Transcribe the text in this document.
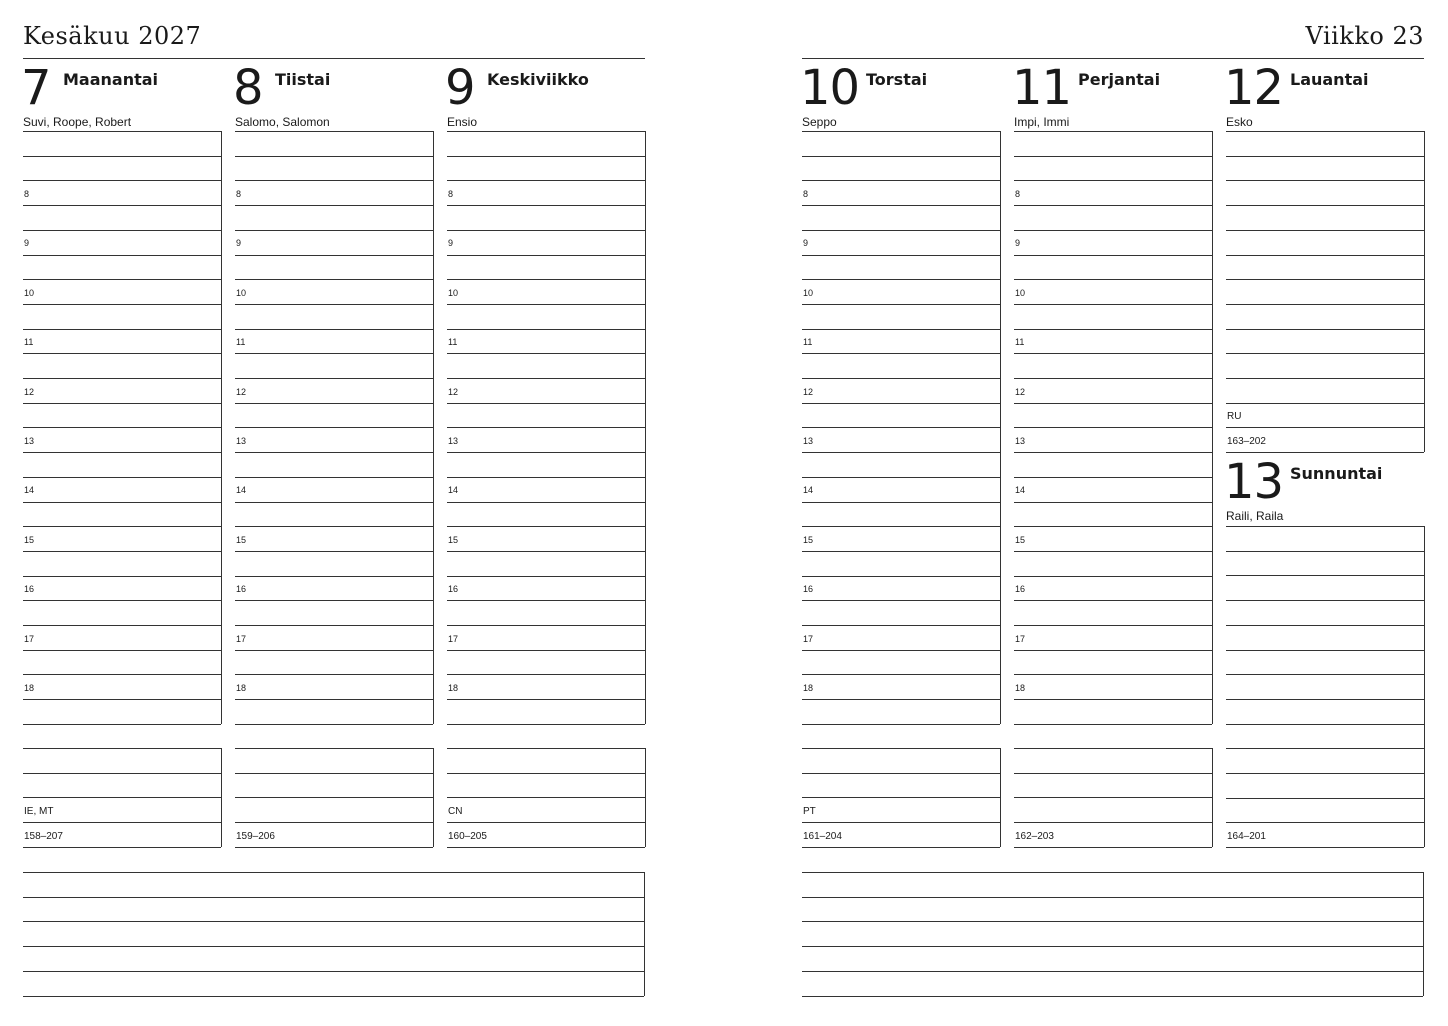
Kesäkuu 2027	Viikko 23
7 Maanantai
Suvi, Roope, Robert
8
9
10
11
12
13
14
15
16
17
18
IE, MT
158–207
8 Tiistai
Salomo, Salomon
8
9
10
11
12
13
14
15
16
17
18
159–206
9 Keskiviikko
Ensio
8
9
10
11
12
13
14
15
16
17
18
CN
160–205
10 Torstai
Seppo
8
9
10
11
12
13
14
15
16
17
18
PT
161–204
11 Perjantai
Impi, Immi
8
9
10
11
12
13
14
15
16
17
18
162–203
12 Lauantai
Esko
RU
163–202
13 Sunnuntai
Raili, Raila
164–201
